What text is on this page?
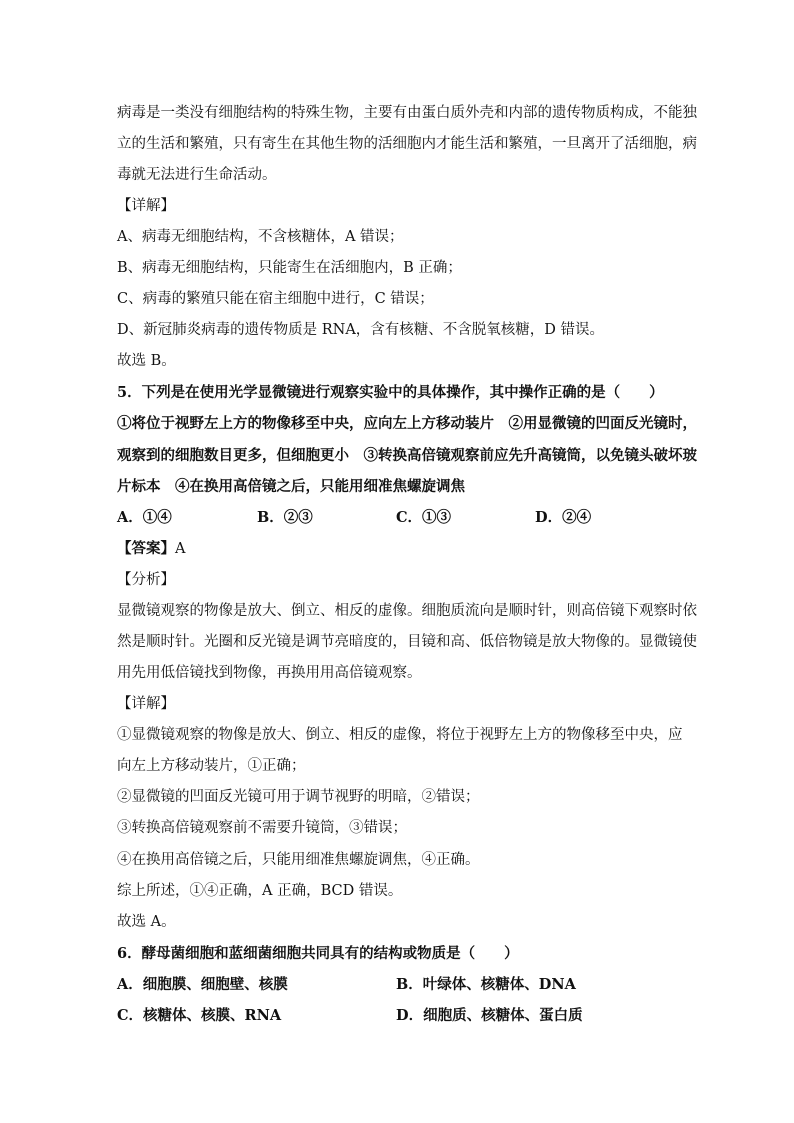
病毒是一类没有细胞结构的特殊生物，主要有由蛋白质外壳和内部的遗传物质构成，不能独
立的生活和繁殖，只有寄生在其他生物的活细胞内才能生活和繁殖，一旦离开了活细胞，病
毒就无法进行生命活动。
【详解】
A、病毒无细胞结构，不含核糖体，A 错误；
B、病毒无细胞结构，只能寄生在活细胞内，B 正确；
C、病毒的繁殖只能在宿主细胞中进行，C 错误；
D、新冠肺炎病毒的遗传物质是 RNA，含有核糖、不含脱氧核糖，D 错误。
故选 B。
5．下列是在使用光学显微镜进行观察实验中的具体操作，其中操作正确的是（　　）
①将位于视野左上方的物像移至中央，应向左上方移动装片　②用显微镜的凹面反光镜时，
观察到的细胞数目更多，但细胞更小　③转换高倍镜观察前应先升高镜筒，以免镜头破坏玻
片标本　④在换用高倍镜之后，只能用细准焦螺旋调焦
A．①④	B．②③	C．①③	D．②④
【答案】A
【分析】
显微镜观察的物像是放大、倒立、相反的虚像。细胞质流向是顺时针，则高倍镜下观察时依
然是顺时针。光圈和反光镜是调节亮暗度的，目镜和高、低倍物镜是放大物像的。显微镜使
用先用低倍镜找到物像，再换用用高倍镜观察。
【详解】
①显微镜观察的物像是放大、倒立、相反的虚像，将位于视野左上方的物像移至中央，应
向左上方移动装片，①正确；
②显微镜的凹面反光镜可用于调节视野的明暗，②错误；
③转换高倍镜观察前不需要升镜筒，③错误；
④在换用高倍镜之后，只能用细准焦螺旋调焦，④正确。
综上所述，①④正确，A 正确，BCD 错误。
故选 A。
6．酵母菌细胞和蓝细菌细胞共同具有的结构或物质是（　　）
A．细胞膜、细胞壁、核膜	B．叶绿体、核糖体、DNA
C．核糖体、核膜、RNA	D．细胞质、核糖体、蛋白质
